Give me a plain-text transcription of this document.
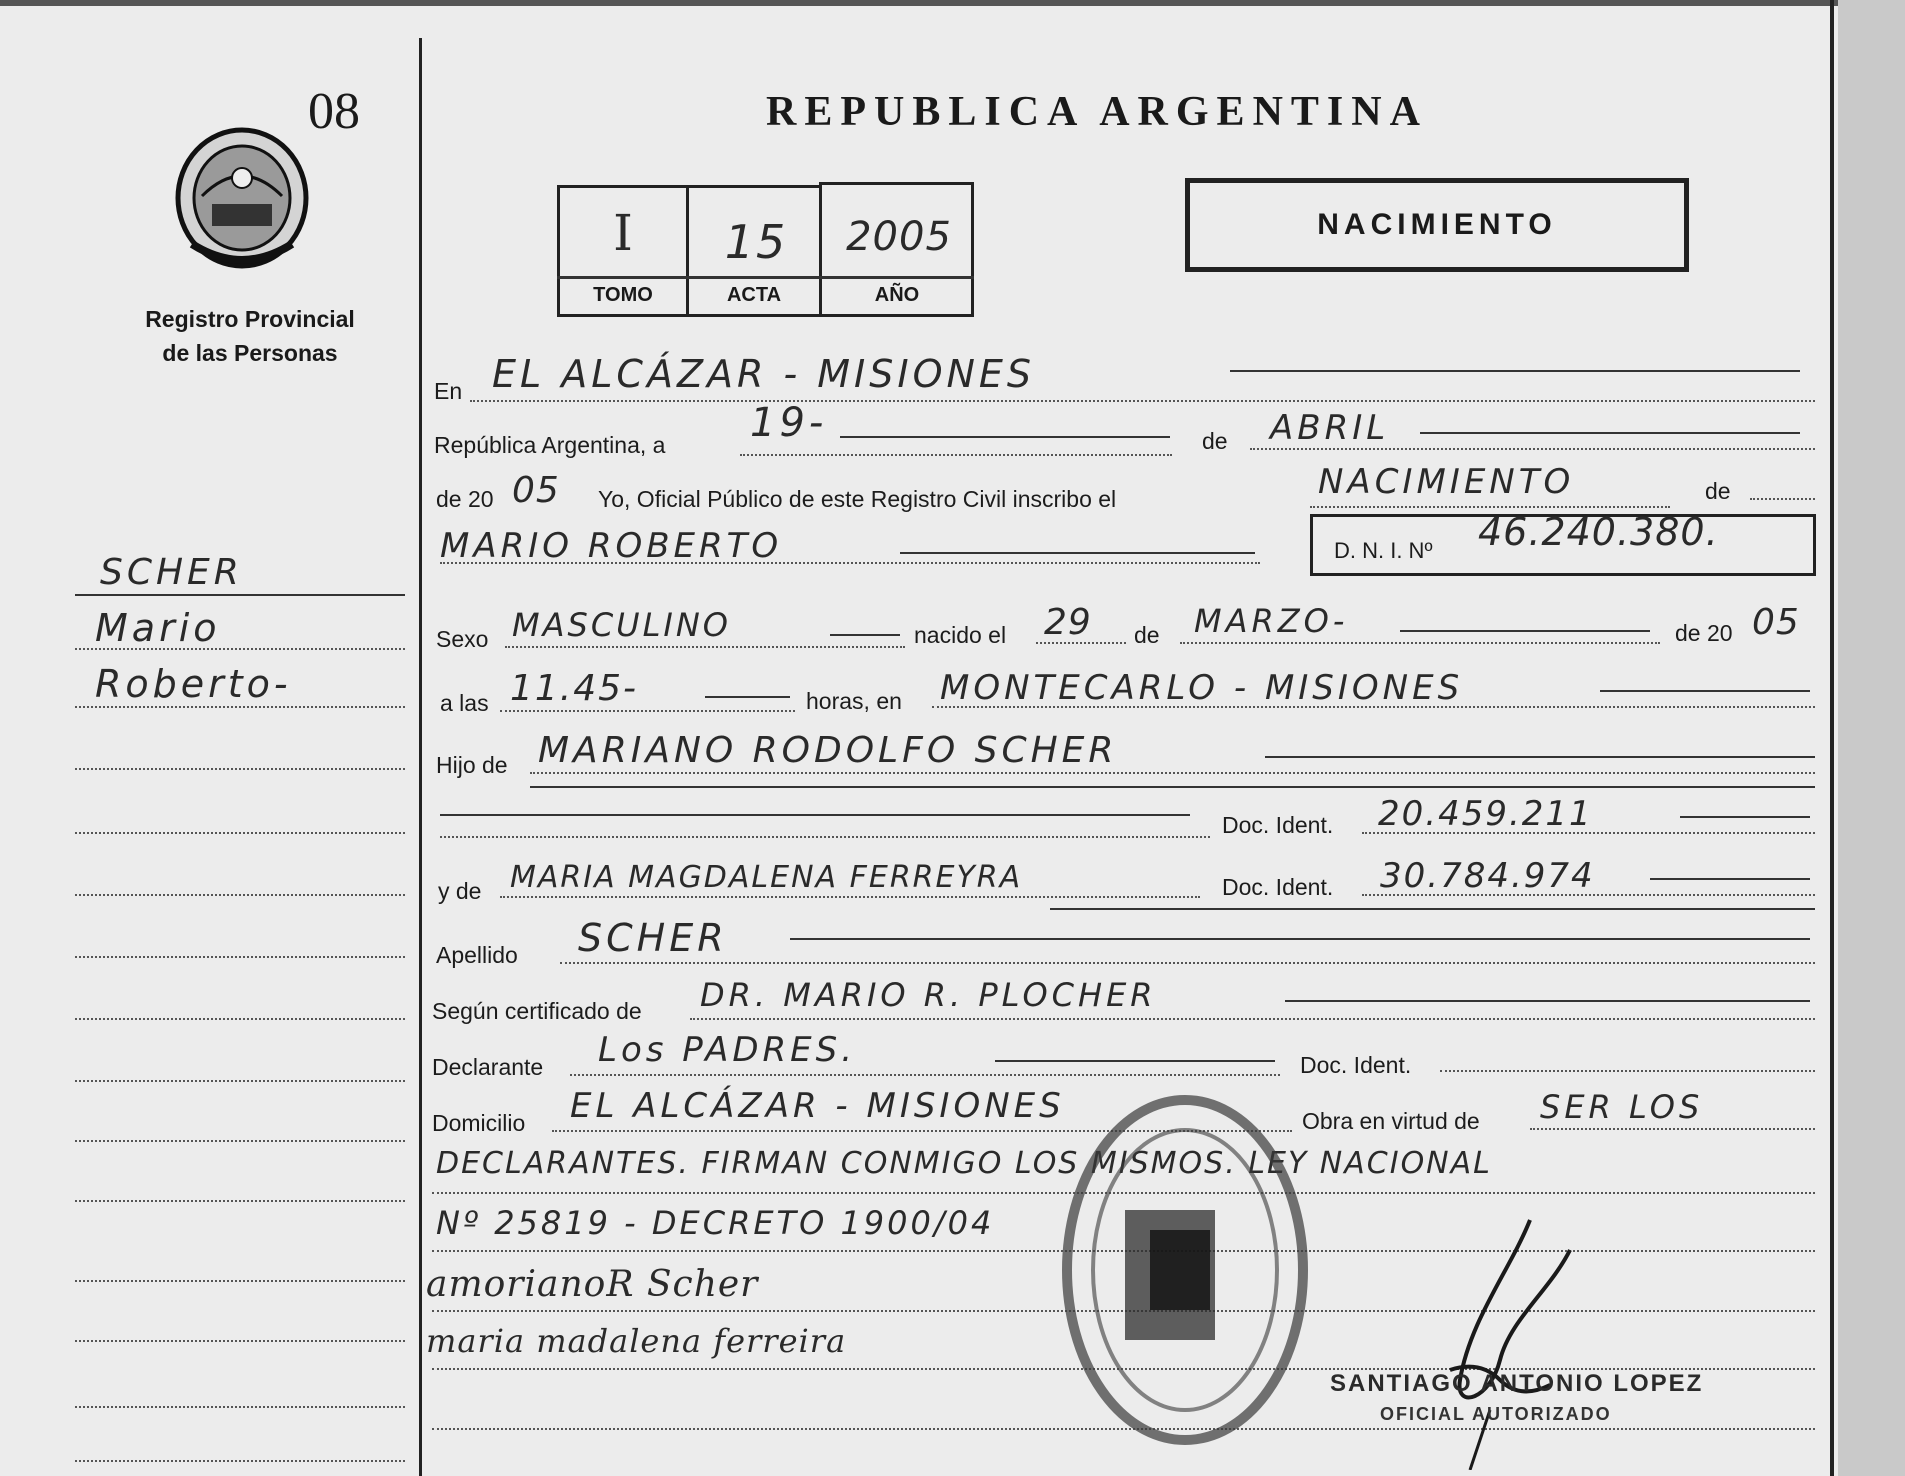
08
Registro Provincial
de las Personas
REPUBLICA ARGENTINA
I	15	2005
TOMO	ACTA	AÑO
NACIMIENTO
SCHER
Mario
Roberto-
En EL ALCÁZAR - MISIONES
República Argentina, a 19-	de ABRIL
de 20 05 Yo, Oficial Público de este Registro Civil inscribo el	NACIMIENTO	de
MARIO ROBERTO	D. N. I. Nº 46.240.380.
Sexo MASCULINO	nacido el 29 de MARZO-	de 20 05
a las 11.45-	horas, en MONTECARLO - MISIONES
Hijo de MARIANO RODOLFO SCHER
Doc. Ident. 20.459.211
y de MARIA MAGDALENA FERREYRA	Doc. Ident. 30.784.974
Apellido SCHER
Según certificado de DR. MARIO R. PLOCHER
Declarante Los PADRES.	Doc. Ident.
Domicilio EL ALCÁZAR - MISIONES	Obra en virtud de SER LOS
DECLARANTES. FIRMAN CONMIGO LOS MISMOS. LEY NACIONAL
Nº 25819 - DECRETO 1900/04
amorianoR Scher
maria madalena ferreira
SANTIAGO ANTONIO LOPEZ
OFICIAL AUTORIZADO
